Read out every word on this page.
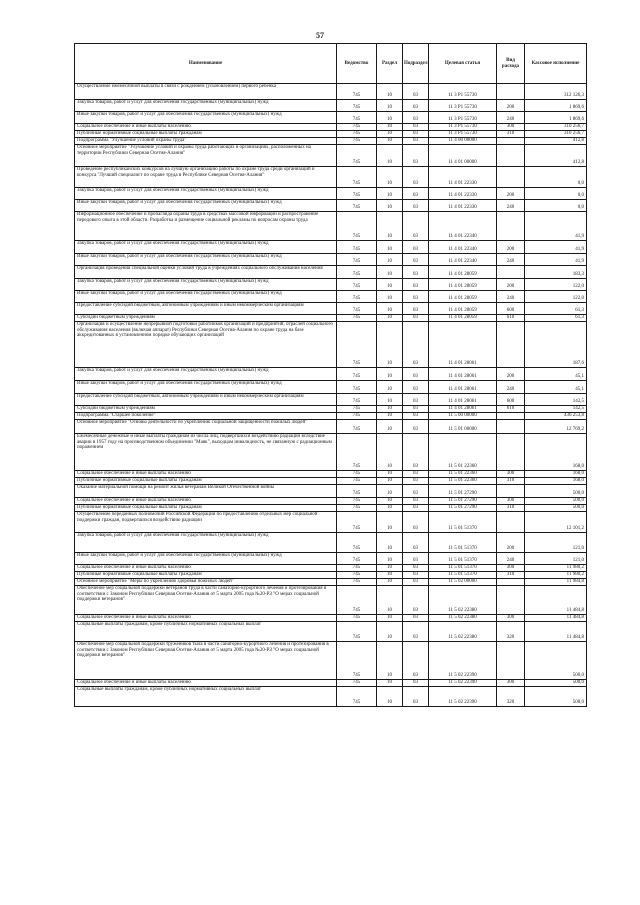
57
Наименование	Ведомство	Раздел	Подраздел	Целевая статья	Вид расхода	Кассовое исполнение
Осуществление ежемесячной выплаты в связи с рождением (усыновлением) первого ребенка	745	10	03	11 3 P1 55730		312 126,3
Закупка товаров, работ и услуг для обеспечения государственных (муниципальных) нужд	745	10	03	11 3 P1 55730	200	1 869,6
Иные закупки товаров, работ и услуг для обеспечения государственных (муниципальных) нужд	745	10	03	11 3 P1 55730	240	1 869,6
Социальное обеспечение и иные выплаты населению	745	10	03	11 3 P1 55730	300	310 256,7
Публичные нормативные социальные выплаты гражданам	745	10	03	11 3 P1 55730	310	310 256,7
Подпрограмма "Улучшение условий охраны труда"	745	10	03	11 4 00 00000		412,8
Основное мероприятие "Улучшение условий и охраны труда работающих в организациях, расположенных на территории Республики Северная Осетия-Алания"	745	10	03	11 4 01 00000		412,8
Проведение республиканских конкурсов на лучшую организацию работы по охране труда среди организаций и конкурса "Лучший специалист по охране труда в Республике Северная Осетия-Алания"	745	10	03	11 4 01 22330		0,0
Закупка товаров, работ и услуг для обеспечения государственных (муниципальных) нужд	745	10	03	11 4 01 22330	200	0,0
Иные закупки товаров, работ и услуг для обеспечения государственных (муниципальных) нужд	745	10	03	11 4 01 22330	240	0,0
Информационное обеспечение и пропаганда охраны труда в средствах массовой информации и распространение передового опыта в этой области. Разработка и размещение социальной рекламы по вопросам охраны труда	745	10	03	11 4 01 22340		41,9
Закупка товаров, работ и услуг для обеспечения государственных (муниципальных) нужд	745	10	03	11 4 01 22340	200	41,9
Иные закупки товаров, работ и услуг для обеспечения государственных (муниципальных) нужд	745	10	03	11 4 01 22340	240	41,9
Организация проведения специальной оценки условий труда в учреждениях социального обслуживания населения	745	10	03	11 4 01 28059		183,3
Закупка товаров, работ и услуг для обеспечения государственных (муниципальных) нужд	745	10	03	11 4 01 28059	200	122,0
Иные закупки товаров, работ и услуг для обеспечения государственных (муниципальных) нужд	745	10	03	11 4 01 28059	240	122,0
Предоставление субсидий бюджетным, автономным учреждениям и иным некоммерческим организациям	745	10	03	11 4 01 28059	600	61,3
Субсидии бюджетным учреждениям	745	10	03	11 4 01 28059	610	61,3
Организация и осуществление непрерывной подготовки работников организаций и предприятий, отраслей социального обслуживания населения (включая аппарат) Республики Северная Осетия-Алания по охране труда на базе аккредитованных в установленном порядке обучающих организаций	745	10	03	11 4 01 28061		187,6
Закупка товаров, работ и услуг для обеспечения государственных (муниципальных) нужд	745	10	03	11 4 01 28061	200	45,1
Иные закупки товаров, работ и услуг для обеспечения государственных (муниципальных) нужд	745	10	03	11 4 01 28061	240	45,1
Предоставление субсидий бюджетным, автономным учреждениям и иным некоммерческим организациям	745	10	03	11 4 01 28061	600	142,5
Субсидии бюджетным учреждениям	745	10	03	11 4 01 28061	610	142,5
Подпрограмма "Старшее поколение"	745	10	03	11 5 00 00000		436 253,8
Основное мероприятие "Основы деятельности по укреплению социальной защищенности пожилых людей"	745	10	03	11 5 01 00000		12 769,2
Ежемесячные денежные и иные выплаты гражданам из числа лиц, подвергшихся воздействию радиации вследствие аварии в 1957 году на производственном объединении "Маяк", выходцам инвалидность, не связанную с радиационным поражением	745	10	03	11 5 01 22360		168,0
Социальное обеспечение и иные выплаты населению	745	10	03	11 5 01 22360	300	168,0
Публичные нормативные социальные выплаты гражданам	745	10	03	11 5 01 22360	310	168,0
Оказание материальной помощи на ремонт жилья ветеранам Великой Отечественной войны	745	10	03	11 5 01 27290		500,0
Социальное обеспечение и иные выплаты населению	745	10	03	11 5 01 27290	300	500,0
Публичные нормативные социальные выплаты гражданам	745	10	03	11 5 01 27290	310	500,0
Осуществление переданных полномочий Российской Федерации по предоставлению отдельных мер социальной поддержки граждан, подвергшихся воздействию радиации	745	10	03	11 5 01 51370		12 101,2
Закупка товаров, работ и услуг для обеспечения государственных (муниципальных) нужд	745	10	03	11 5 01 51370	200	121,0
Иные закупки товаров, работ и услуг для обеспечения государственных (муниципальных) нужд	745	10	03	11 5 01 51370	240	121,0
Социальное обеспечение и иные выплаты населению	745	10	03	11 5 01 51370	300	11 980,2
Публичные нормативные социальные выплаты гражданам	745	10	03	11 5 01 51370	310	11 980,2
Основное мероприятие "Меры по укреплению здоровья пожилых людей"	745	10	03	11 5 02 00000		11 984,8
Обеспечение мер социальной поддержки ветеранов труда в части санаторно-курортного лечения и протезирования в соответствии с Законом Республики Северная Осетия-Алания от 5 марта 2005 года №20-РЗ "О мерах социальной поддержки ветеранов"	745	10	03	11 5 02 22380		11 484,8
Социальное обеспечение и иные выплаты населению	745	10	03	11 5 02 22380	300	11 484,8
Социальные выплаты гражданам, кроме публичных нормативных социальных выплат	745	10	03	11 5 02 22380	320	11 484,8
Обеспечение мер социальной поддержки тружеников тыла в части санаторно-курортного лечения и протезирования в соответствии с Законом Республики Северная Осетия-Алания от 5 марта 2005 года №20-РЗ "О мерах социальной поддержки ветеранов"	745	10	03	11 5 02 22390		500,0
Социальное обеспечение и иные выплаты населению	745	10	03	11 5 02 22390	300	500,0
Социальные выплаты гражданам, кроме публичных нормативных социальных выплат	745	10	03	11 5 02 22390	320	500,0
